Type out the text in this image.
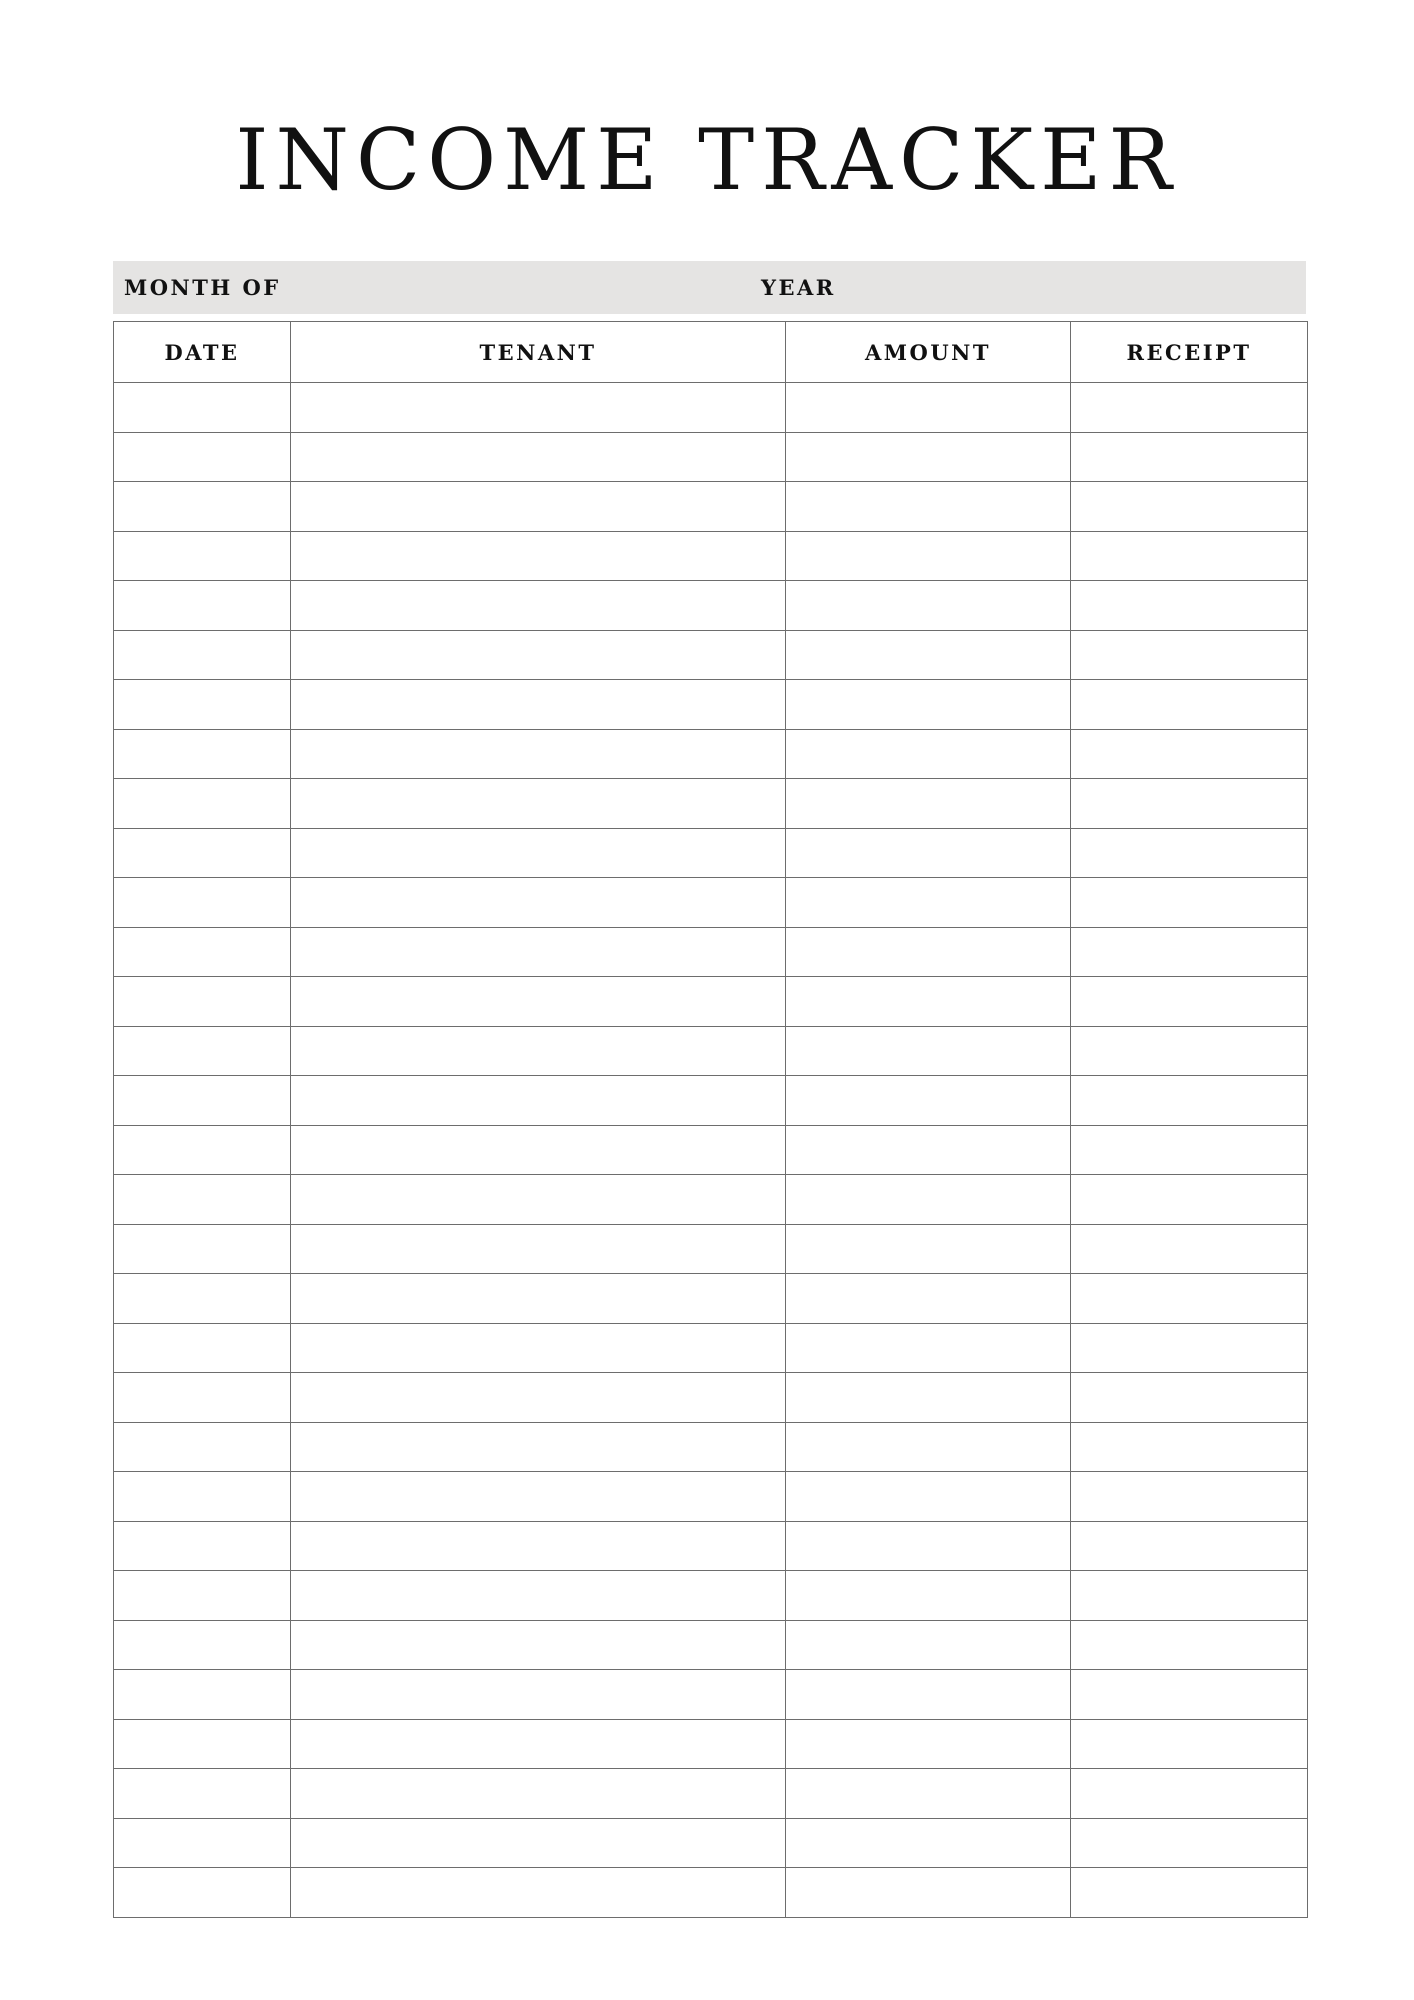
INCOME TRACKER
MONTH OF	YEAR
DATE	TENANT	AMOUNT	RECEIPT
